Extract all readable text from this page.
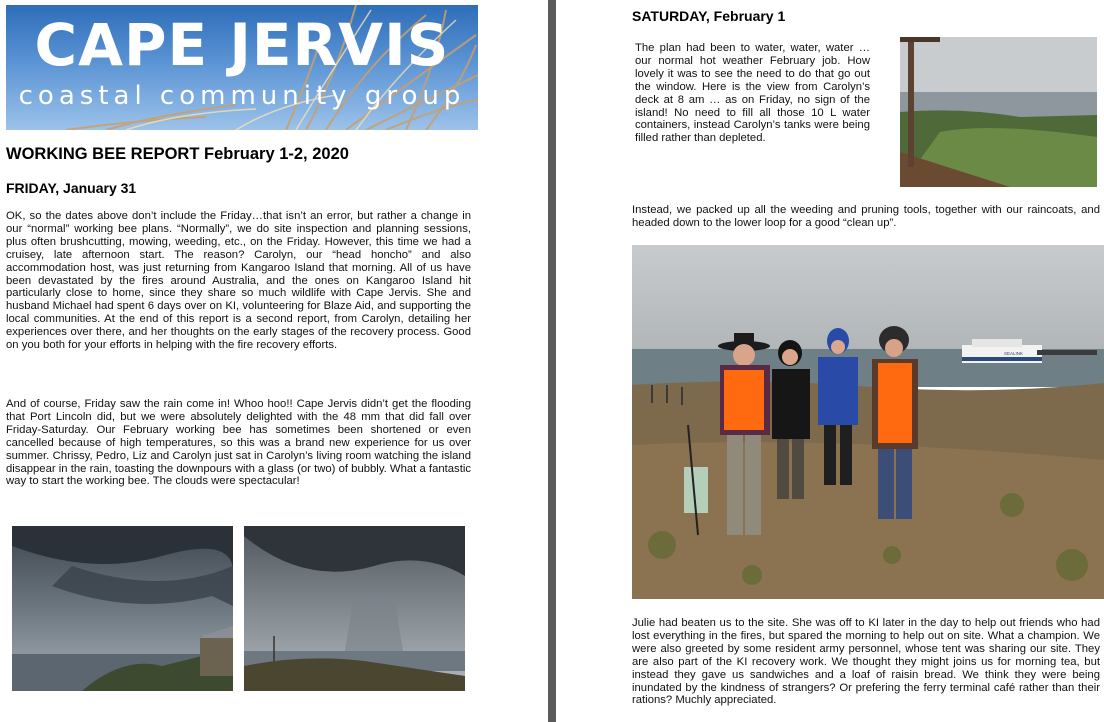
CAPE JERVIS
coastal community group
WORKING BEE REPORT February 1-2, 2020
FRIDAY, January 31

OK, so the dates above don’t include the Friday…that isn’t an error, but rather a change in our “normal” working bee plans. “Normally”, we do site inspection and planning sessions, plus often brushcutting, mowing, weeding, etc., on the Friday. However, this time we had a cruisey, late afternoon start. The reason? Carolyn, our “head honcho” and also accommodation host, was just returning from Kangaroo Island that morning. All of us have been devastated by the fires around Australia, and the ones on Kangaroo Island hit particularly close to home, since they share so much wildlife with Cape Jervis. She and husband Michael had spent 6 days over on KI, volunteering for Blaze Aid, and supporting the local communities. At the end of this report is a second report, from Carolyn, detailing her experiences over there, and her thoughts on the early stages of the recovery process. Good on you both for your efforts in helping with the fire recovery efforts.

And of course, Friday saw the rain come in! Whoo hoo!! Cape Jervis didn’t get the flooding that Port Lincoln did, but we were absolutely delighted with the 48 mm that did fall over Friday-Saturday. Our February working bee has sometimes been shortened or even cancelled because of high temperatures, so this was a brand new experience for us over summer. Chrissy, Pedro, Liz and Carolyn just sat in Carolyn’s living room watching the island disappear in the rain, toasting the downpours with a glass (or two) of bubbly. What a fantastic way to start the working bee. The clouds were spectacular!

SATURDAY, February 1

The plan had been to water, water, water … our normal hot weather February job. How lovely it was to see the need to do that go out the window. Here is the view from Carolyn’s deck at 8 am … as on Friday, no sign of the island! No need to fill all those 10 L water containers, instead Carolyn’s tanks were being filled rather than depleted.

Instead, we packed up all the weeding and pruning tools, together with our raincoats, and headed down to the lower loop for a good “clean up”.

SEALINK

Julie had beaten us to the site. She was off to KI later in the day to help out friends who had lost everything in the fires, but spared the morning to help out on site. What a champion. We were also greeted by some resident army personnel, whose tent was sharing our site. They are also part of the KI recovery work. We thought they might joins us for morning tea, but instead they gave us sandwiches and a loaf of raisin bread. We think they were being inundated by the kindness of strangers? Or prefering the ferry terminal café rather than their rations? Muchly appreciated.
